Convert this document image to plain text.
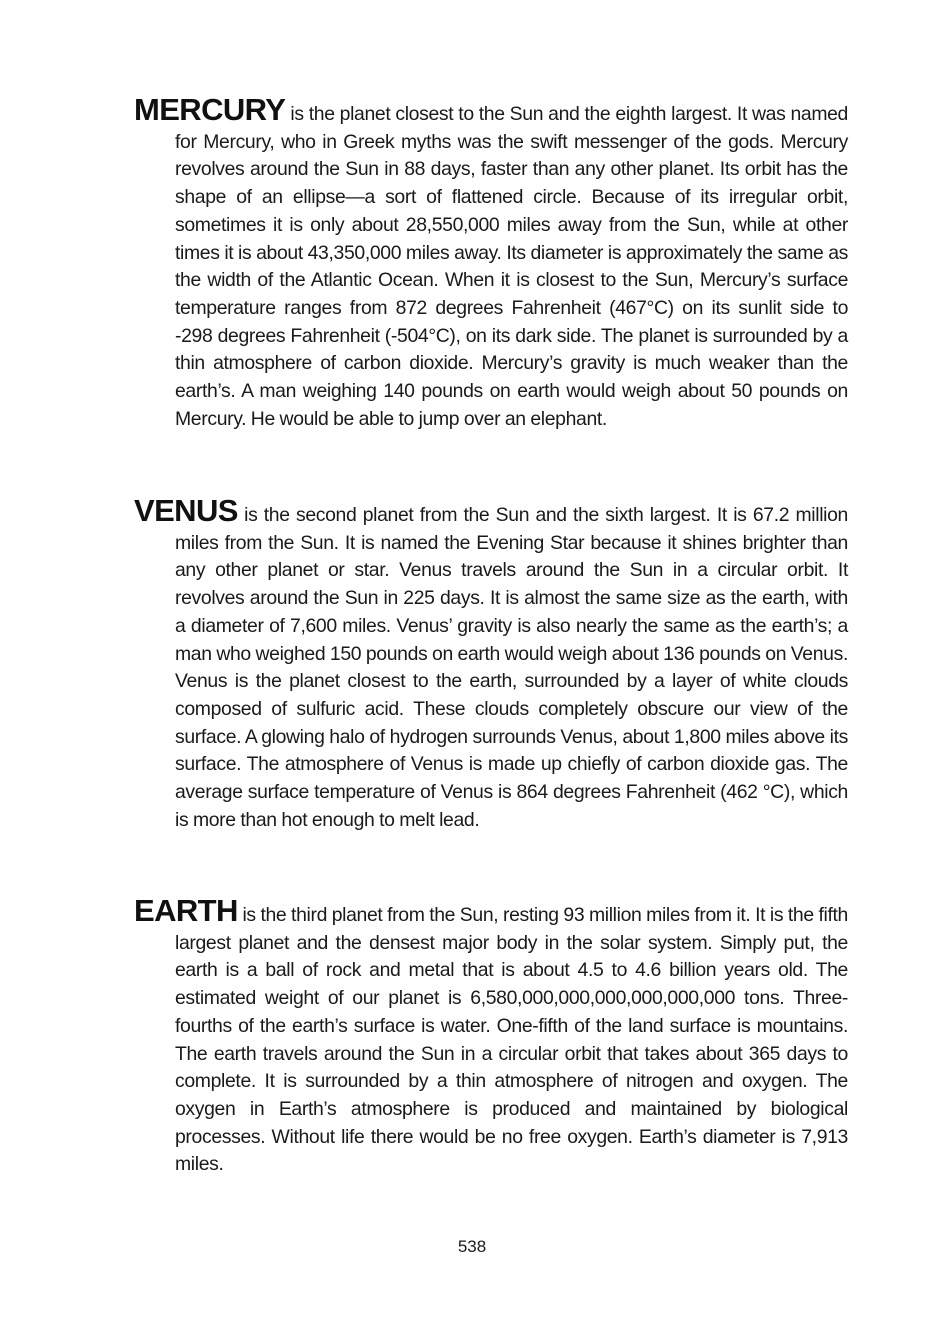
MERCURY is the planet closest to the Sun and the eighth largest. It was named for Mercury, who in Greek myths was the swift messenger of the gods. Mercury revolves around the Sun in 88 days, faster than any other planet. Its orbit has the shape of an ellipse—a sort of flattened circle. Because of its irregular orbit, sometimes it is only about 28,550,000 miles away from the Sun, while at other times it is about 43,350,000 miles away. Its diameter is approximately the same as the width of the Atlantic Ocean. When it is closest to the Sun, Mercury’s surface temperature ranges from 872 degrees Fahrenheit (467°C) on its sunlit side to -298 degrees Fahrenheit (-504°C), on its dark side. The planet is surrounded by a thin atmosphere of carbon dioxide. Mercury’s gravity is much weaker than the earth’s. A man weighing 140 pounds on earth would weigh about 50 pounds on Mercury. He would be able to jump over an elephant.

VENUS is the second planet from the Sun and the sixth largest. It is 67.2 million miles from the Sun. It is named the Evening Star because it shines brighter than any other planet or star. Venus travels around the Sun in a circular orbit. It revolves around the Sun in 225 days. It is almost the same size as the earth, with a diameter of 7,600 miles. Venus’ gravity is also nearly the same as the earth’s; a man who weighed 150 pounds on earth would weigh about 136 pounds on Venus. Venus is the planet closest to the earth, surrounded by a layer of white clouds composed of sulfuric acid. These clouds completely obscure our view of the surface. A glowing halo of hydrogen surrounds Venus, about 1,800 miles above its surface. The atmosphere of Venus is made up chiefly of carbon dioxide gas. The average surface temperature of Venus is 864 degrees Fahrenheit (462 °C), which is more than hot enough to melt lead.

EARTH is the third planet from the Sun, resting 93 million miles from it. It is the fifth largest planet and the densest major body in the solar system. Simply put, the earth is a ball of rock and metal that is about 4.5 to 4.6 billion years old. The estimated weight of our planet is 6,580,000,000,000,000,000,000 tons. Three-fourths of the earth’s surface is water. One-fifth of the land surface is mountains. The earth travels around the Sun in a circular orbit that takes about 365 days to complete. It is surrounded by a thin atmosphere of nitrogen and oxygen. The oxygen in Earth’s atmosphere is produced and maintained by biological processes. Without life there would be no free oxygen. Earth’s diameter is 7,913 miles.

538
